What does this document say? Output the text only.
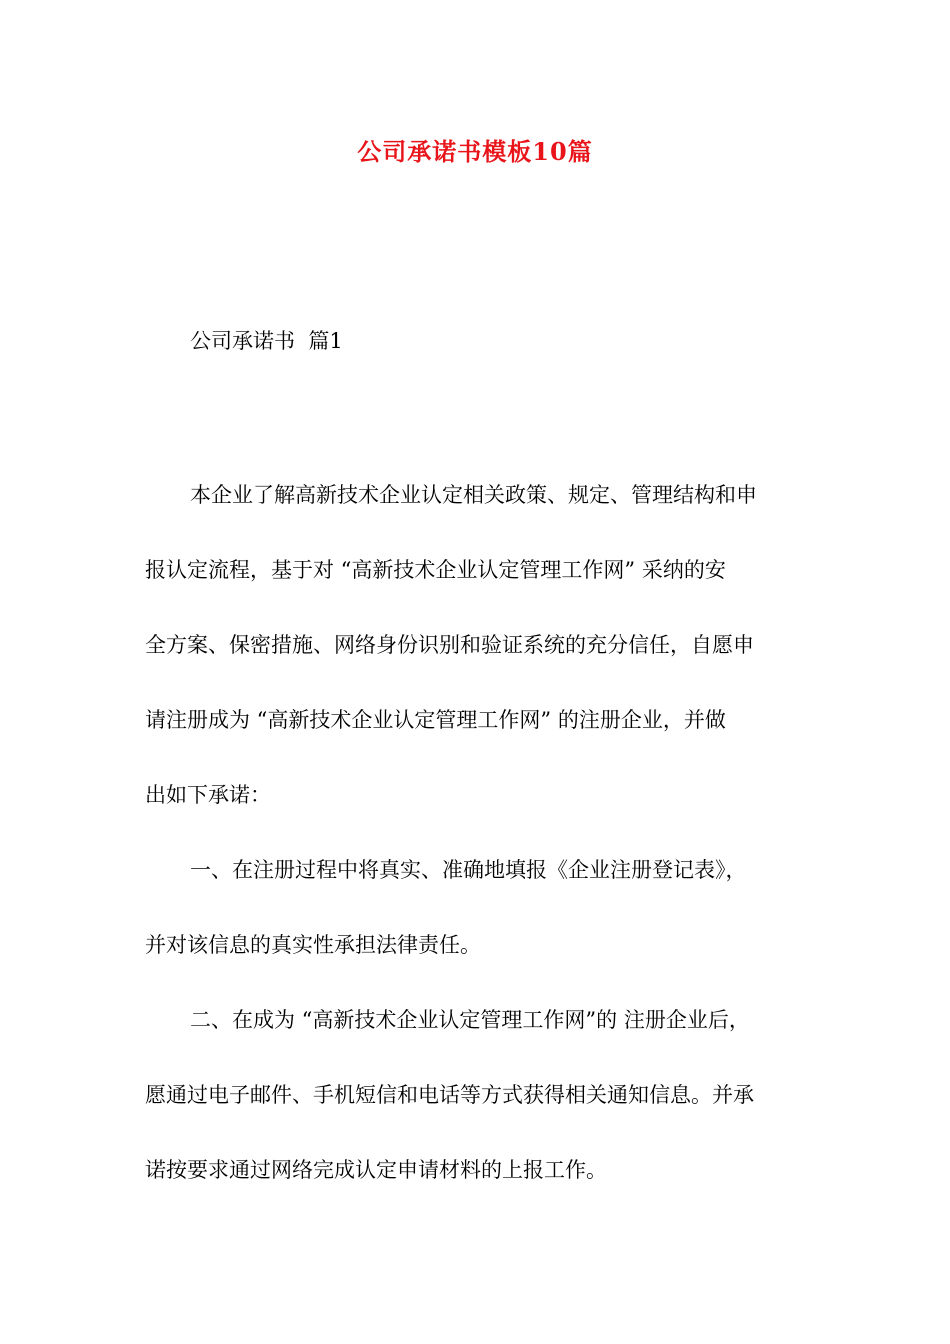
公司承诺书模板10篇
公司承诺书  篇1
本企业了解高新技术企业认定相关政策、规定、管理结构和申
报认定流程，基于对 “高新技术企业认定管理工作网” 采纳的安
全方案、保密措施、网络身份识别和验证系统的充分信任，自愿申
请注册成为 “高新技术企业认定管理工作网” 的注册企业，并做
出如下承诺：
一、在注册过程中将真实、准确地填报《企业注册登记表》，
并对该信息的真实性承担法律责任。
二、在成为 “高新技术企业认定管理工作网”的 注册企业后，
愿通过电子邮件、手机短信和电话等方式获得相关通知信息。并承
诺按要求通过网络完成认定申请材料的上报工作。
